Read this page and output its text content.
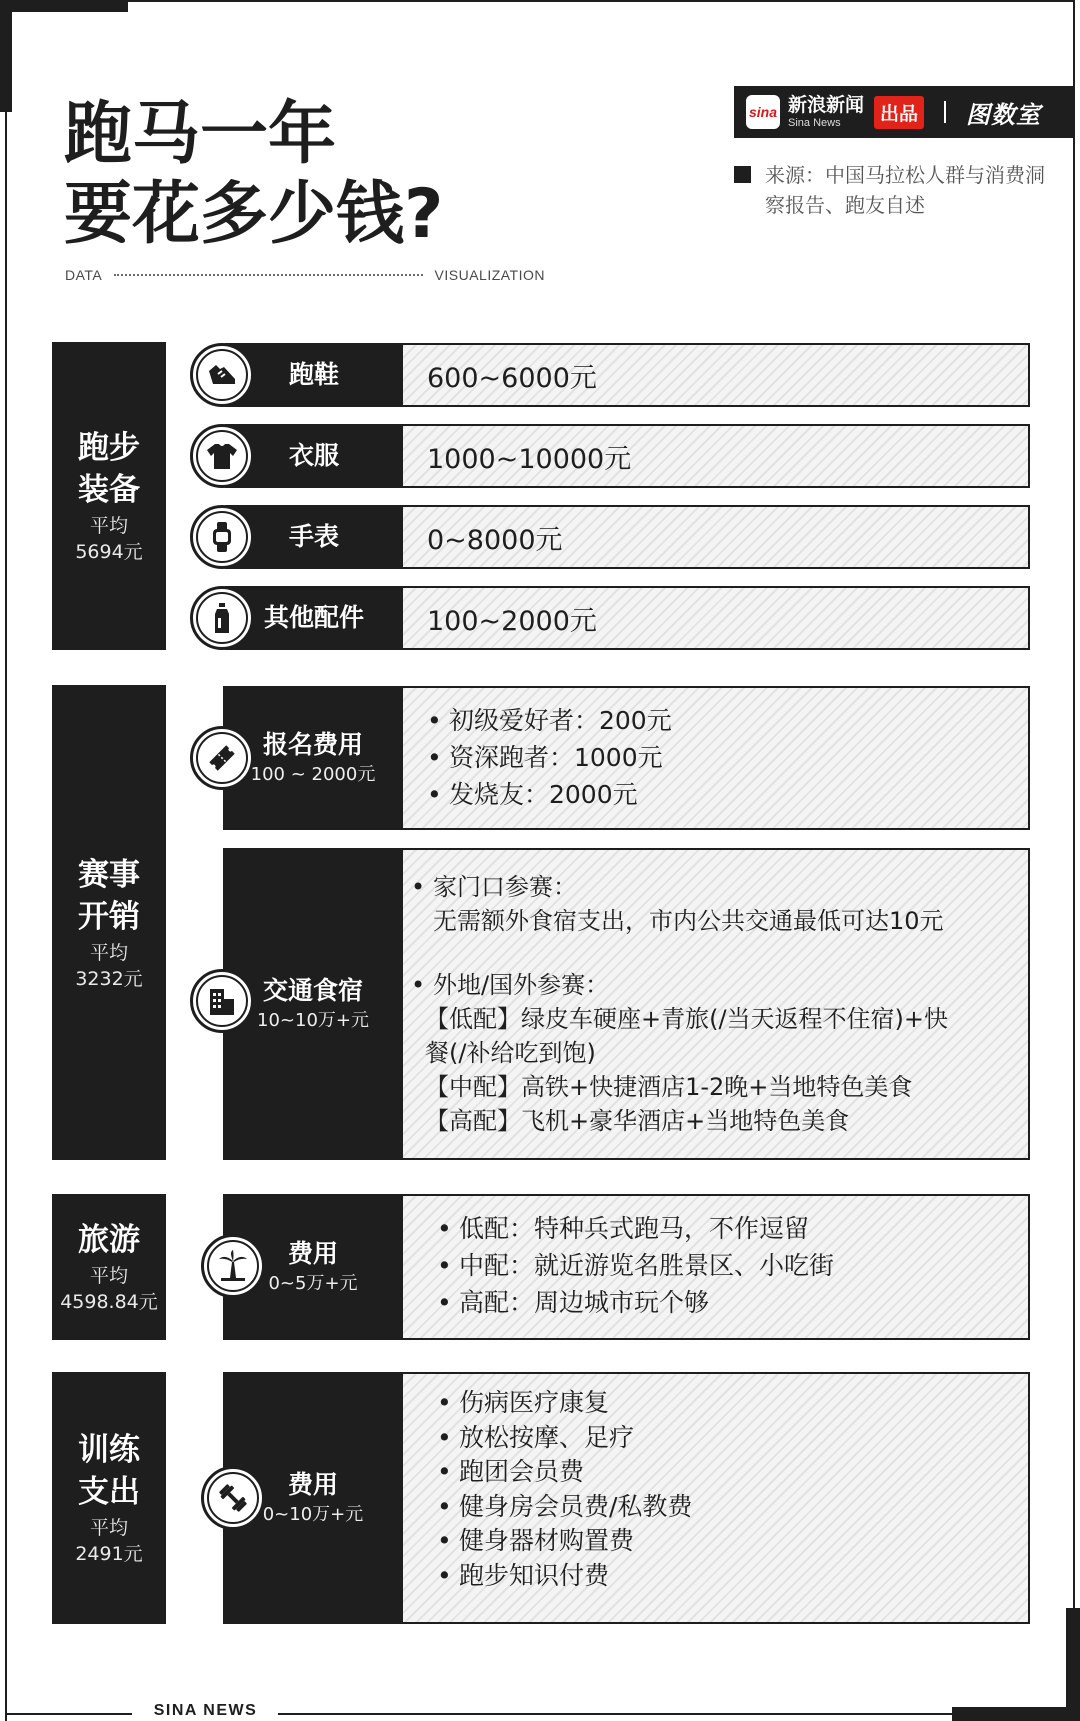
SINA NEWS
跑马一年
要花多少钱?
DATA	VISUALIZATION
sina 新浪新闻
Sina News	出品 图数室
来源：中国马拉松人群与消费洞察报告、跑友自述
跑步
装备
平均
5694元
跑鞋	600~6000元
衣服	1000~10000元
手表	0~8000元
其他配件 100~2000元
赛事
开销
平均
3232元
报名费用
100 ~ 2000元
• 初级爱好者：200元
• 资深跑者：1000元
• 发烧友：2000元
交通食宿
10~10万+元
• 家门口参赛：
无需额外食宿支出，市内公共交通最低可达10元
• 外地/国外参赛：
【低配】绿皮车硬座+青旅(/当天返程不住宿)+快
餐(/补给吃到饱)
【中配】高铁+快捷酒店1-2晚+当地特色美食
【高配】飞机+豪华酒店+当地特色美食
旅游
平均
4598.84元
费用
0~5万+元
• 低配：特种兵式跑马，不作逗留
• 中配：就近游览名胜景区、小吃街
• 高配：周边城市玩个够
训练
支出
平均
2491元
费用
0~10万+元
• 伤病医疗康复
• 放松按摩、足疗
• 跑团会员费
• 健身房会员费/私教费
• 健身器材购置费
• 跑步知识付费
